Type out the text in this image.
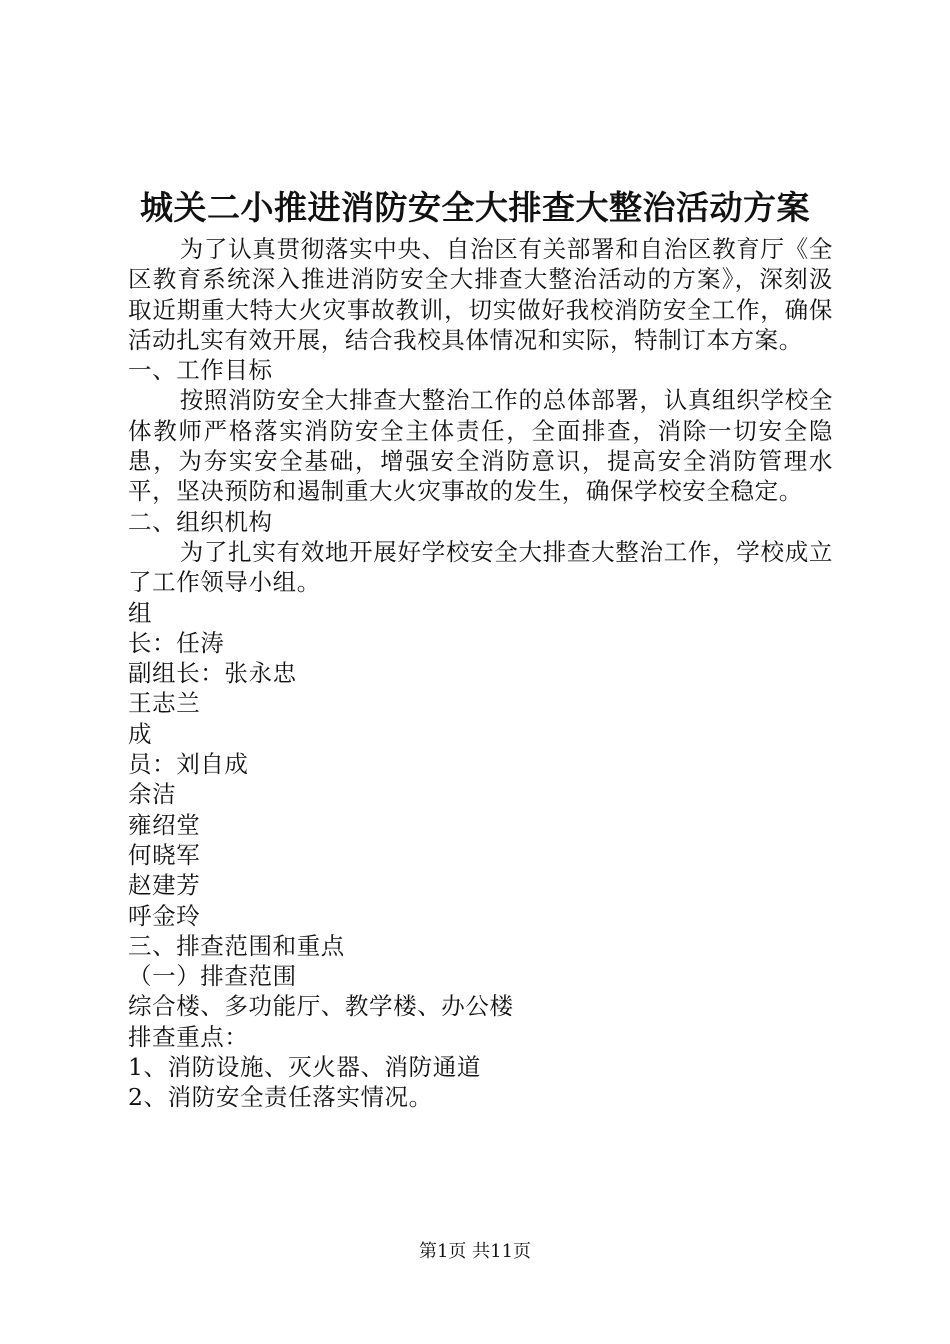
城关二小推进消防安全大排查大整治活动方案

为了认真贯彻落实中央、自治区有关部署和自治区教育厅《全区教育系统深入推进消防安全大排查大整治活动的方案》，深刻汲取近期重大特大火灾事故教训，切实做好我校消防安全工作，确保活动扎实有效开展，结合我校具体情况和实际，特制订本方案。

一、工作目标

按照消防安全大排查大整治工作的总体部署，认真组织学校全体教师严格落实消防安全主体责任，全面排查，消除一切安全隐患，为夯实安全基础，增强安全消防意识，提高安全消防管理水平，坚决预防和遏制重大火灾事故的发生，确保学校安全稳定。

二、组织机构

为了扎实有效地开展好学校安全大排查大整治工作，学校成立了工作领导小组。

组

长：任涛

副组长：张永忠

王志兰

成

员：刘自成

余洁

雍绍堂

何晓军

赵建芳

呼金玲

三、排查范围和重点

（一）排查范围

综合楼、多功能厅、教学楼、办公楼

排查重点：

1、消防设施、灭火器、消防通道

2、消防安全责任落实情况。

第1页 共11页
